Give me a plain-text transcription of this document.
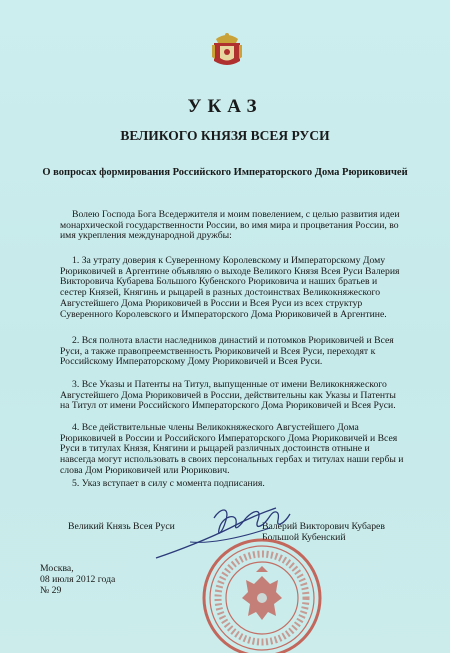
УКАЗ
ВЕЛИКОГО КНЯЗЯ ВСЕЯ РУСИ
О вопросах формирования Российского Императорского Дома Рюриковичей
Волею Господа Бога Вседержителя и моим повелением, с целью развития идеи монархической государственности России, во имя мира и процветания России, во имя укрепления международной дружбы:
1. За утрату доверия к Суверенному Королевскому и Императорскому Дому Рюриковичей в Аргентине объявляю о выходе Великого Князя Всея Руси Валерия Викторовича Кубарева Большого Кубенского Рюриковича и наших братьев и сестер Князей, Княгинь и рыцарей в разных достоинствах Великокняжеского Августейшего Дома Рюриковичей в России и Всея Руси из всех структур Суверенного Королевского и Императорского Дома Рюриковичей в Аргентине.
2. Вся полнота власти наследников династий и потомков Рюриковичей и Всея Руси, а также правопреемственность Рюриковичей и Всея Руси, переходят к Российскому Императорскому Дому Рюриковичей и Всея Руси.
3. Все Указы и Патенты на Титул, выпущенные от имени Великокняжеского Августейшего Дома Рюриковичей в России, действительны как Указы и Патенты на Титул от имени Российского Императорского Дома Рюриковичей и Всея Руси.
4. Все действительные члены Великокняжеского Августейшего Дома Рюриковичей в России и Российского Императорского Дома Рюриковичей и Всея Руси в титулах Князя, Княгини и рыцарей различных достоинств отныне и навсегда могут использовать в своих персональных гербах и титулах наши гербы и слова Дом Рюриковичей или Рюрикович.
5. Указ вступает в силу с момента подписания.
Великий Князь Всея Руси	Валерий Викторович Кубарев
Большой Кубенский
Москва,
08 июля 2012 года
№ 29
